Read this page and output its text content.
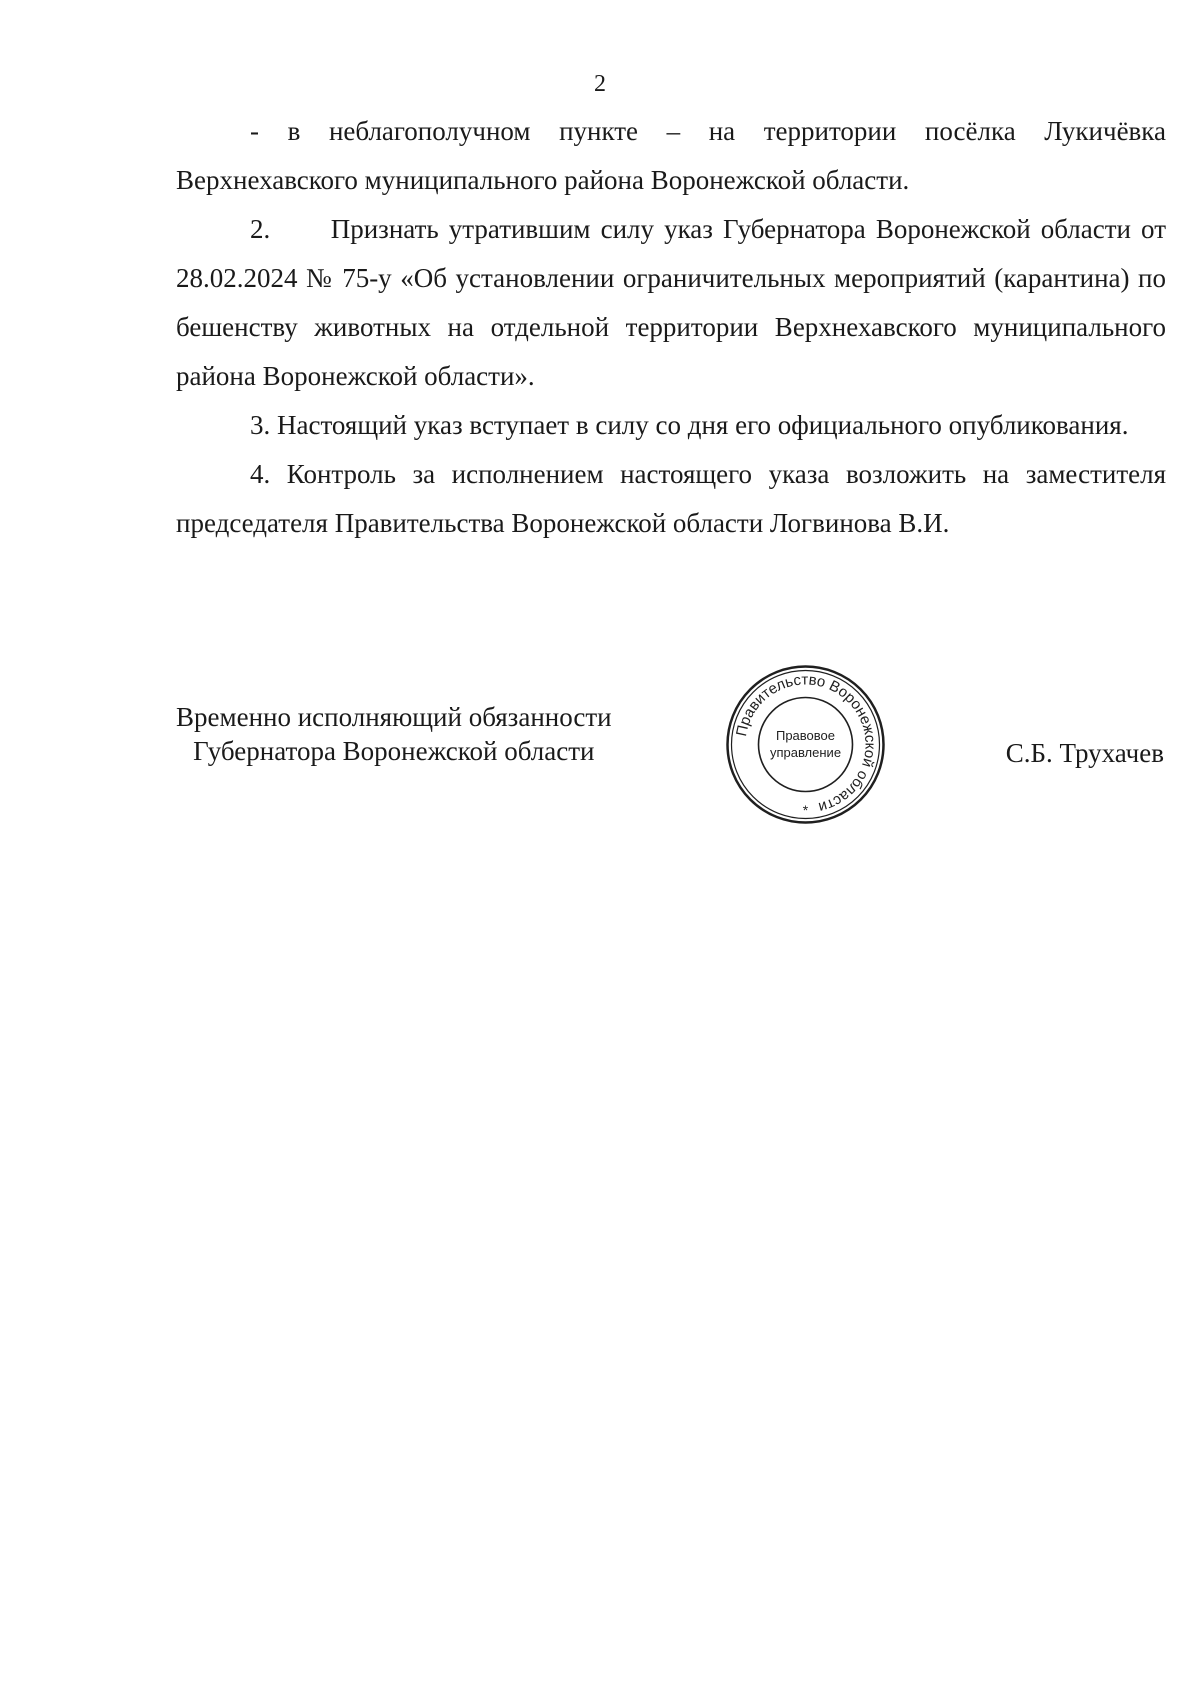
2

- в неблагополучном пункте – на территории посёлка Лукичёвка Верхнехавского муниципального района Воронежской области.

2.      Признать утратившим силу указ Губернатора Воронежской области от 28.02.2024 № 75-у «Об установлении ограничительных мероприятий (карантина) по бешенству животных на отдельной территории Верхнехавского муниципального района Воронежской области».

3. Настоящий указ вступает в силу со дня его официального опубликования.

4. Контроль за исполнением настоящего указа возложить на заместителя председателя Правительства Воронежской области Логвинова В.И.

Временно исполняющий обязанности
Губернатора Воронежской области
Правительство Воронежской области
Правовое
управление
*
С.Б. Трухачев
